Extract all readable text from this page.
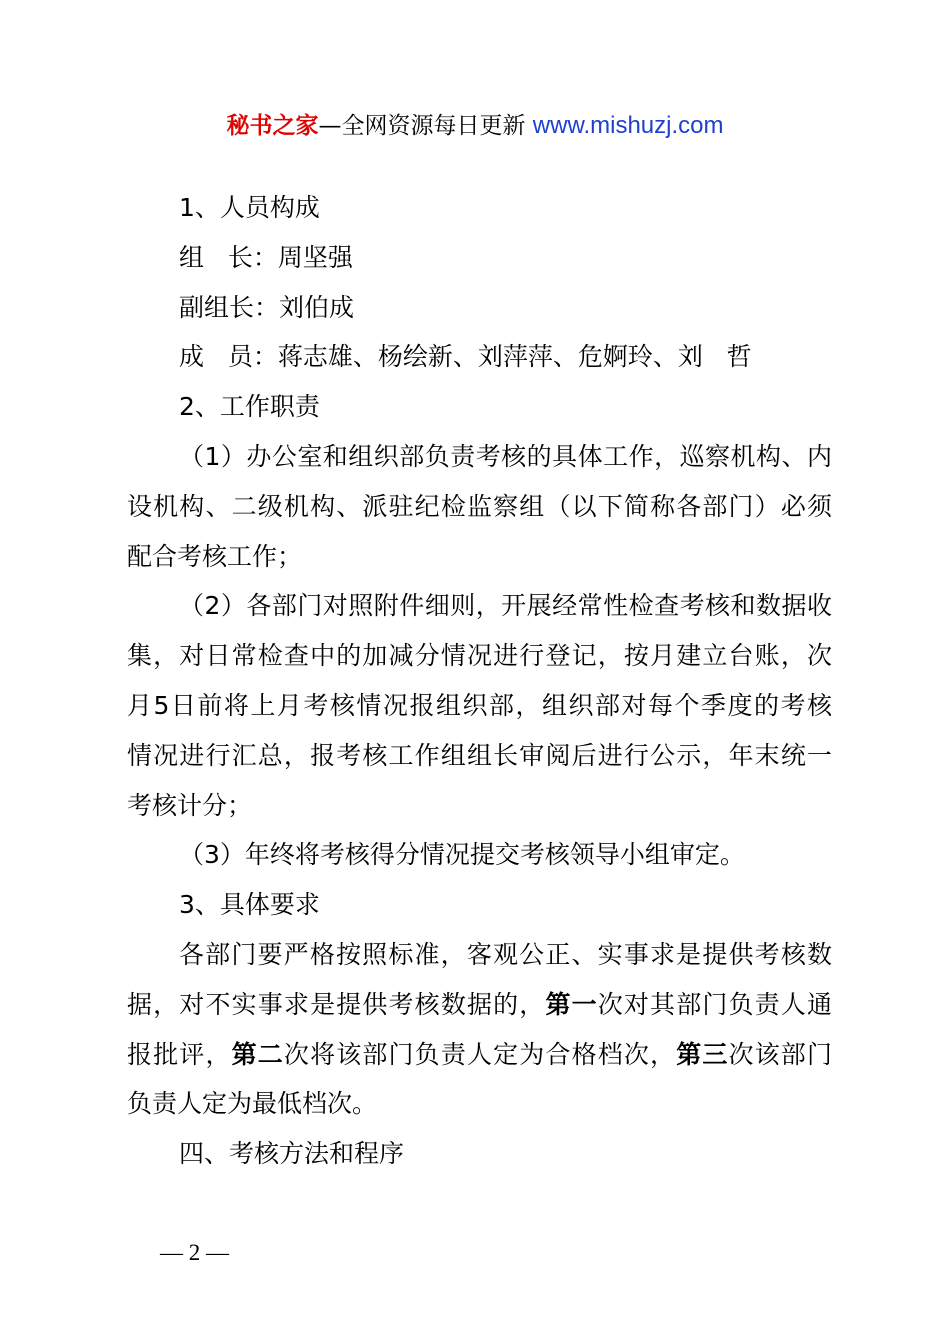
秘书之家—全网资源每日更新 www.mishuzj.com

1、人员构成

组   长：周坚强

副组长：刘伯成

成   员：蒋志雄、杨绘新、刘萍萍、危婀玲、刘   哲

2、工作职责

（1）办公室和组织部负责考核的具体工作，巡察机构、内

设机构、二级机构、派驻纪检监察组（以下简称各部门）必须

配合考核工作；

（2）各部门对照附件细则，开展经常性检查考核和数据收

集，对日常检查中的加减分情况进行登记，按月建立台账，次

月5日前将上月考核情况报组织部，组织部对每个季度的考核

情况进行汇总，报考核工作组组长审阅后进行公示，年末统一

考核计分；

（3）年终将考核得分情况提交考核领导小组审定。

3、具体要求

各部门要严格按照标准，客观公正、实事求是提供考核数

据，对不实事求是提供考核数据的，第一次对其部门负责人通

报批评，第二次将该部门负责人定为合格档次，第三次该部门

负责人定为最低档次。

四、考核方法和程序

— 2 —
